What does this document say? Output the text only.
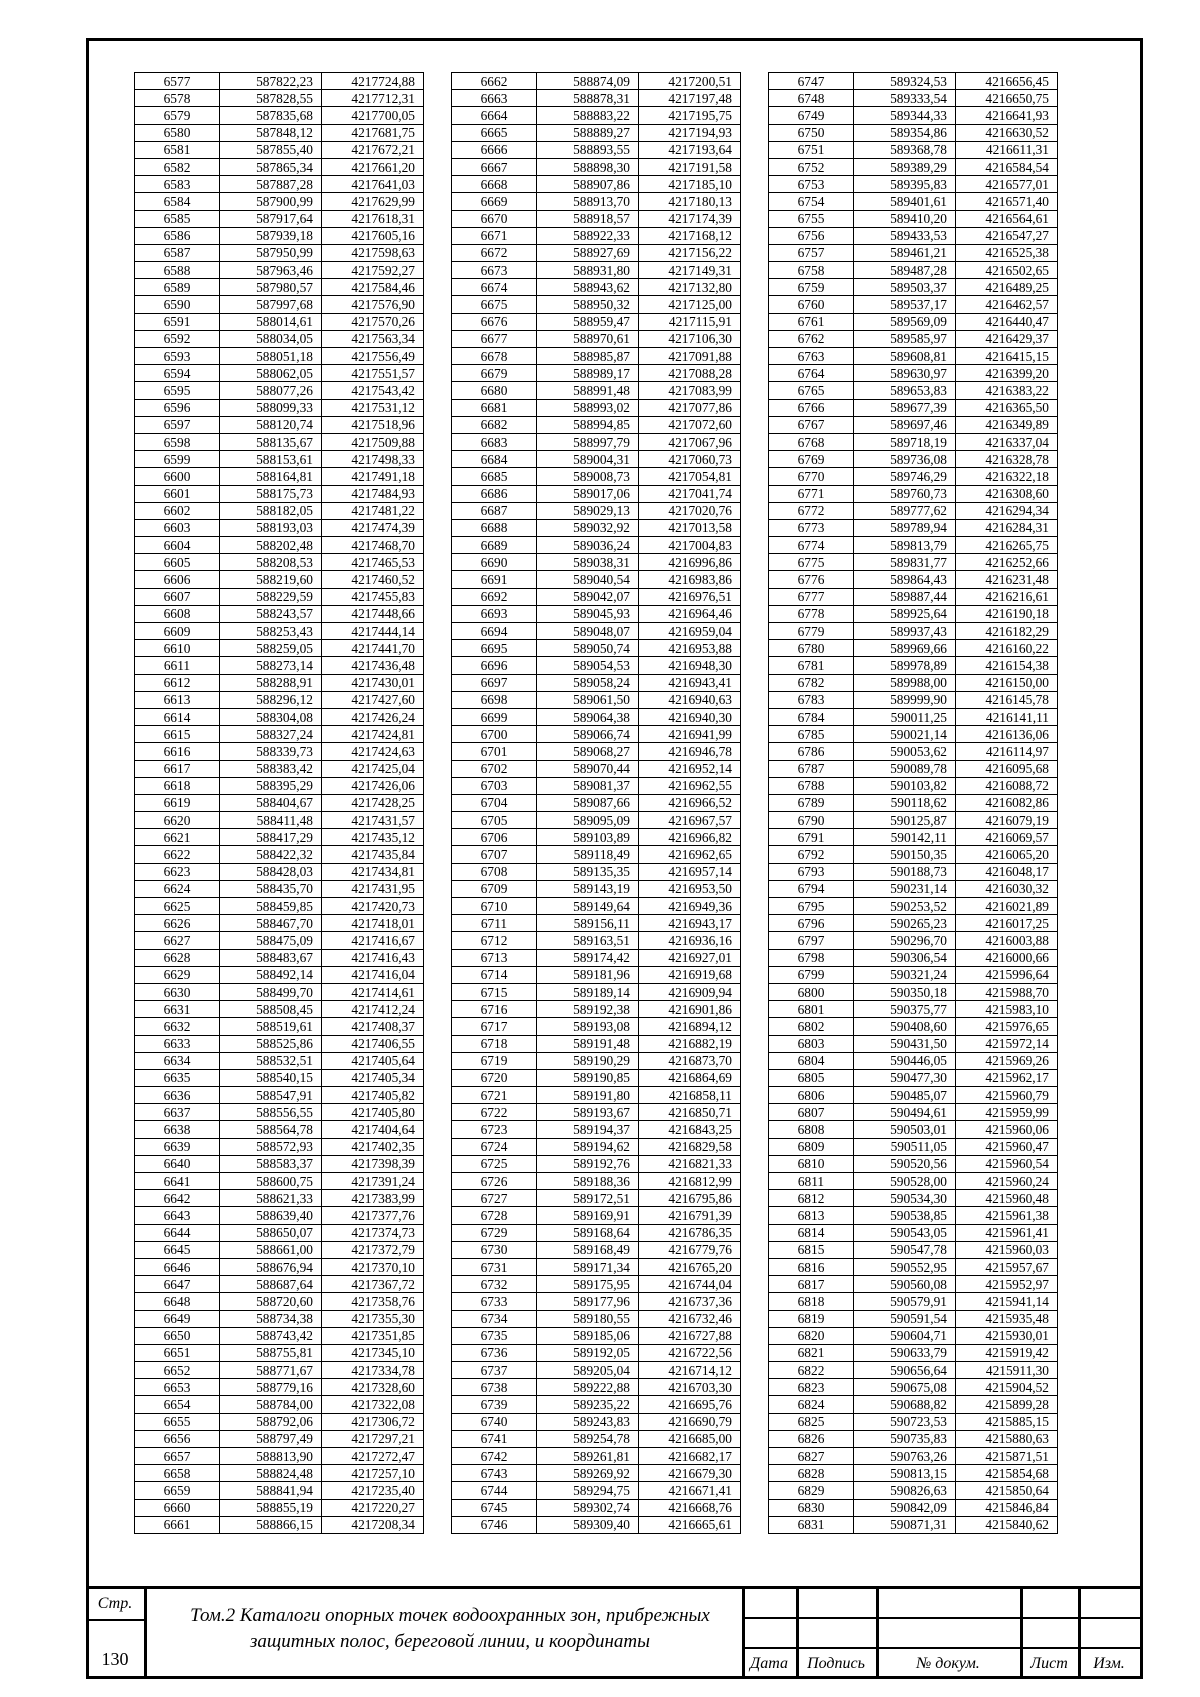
6577	587822,23	4217724,88
6578	587828,55	4217712,31
6579	587835,68	4217700,05
6580	587848,12	4217681,75
6581	587855,40	4217672,21
6582	587865,34	4217661,20
6583	587887,28	4217641,03
6584	587900,99	4217629,99
6585	587917,64	4217618,31
6586	587939,18	4217605,16
6587	587950,99	4217598,63
6588	587963,46	4217592,27
6589	587980,57	4217584,46
6590	587997,68	4217576,90
6591	588014,61	4217570,26
6592	588034,05	4217563,34
6593	588051,18	4217556,49
6594	588062,05	4217551,57
6595	588077,26	4217543,42
6596	588099,33	4217531,12
6597	588120,74	4217518,96
6598	588135,67	4217509,88
6599	588153,61	4217498,33
6600	588164,81	4217491,18
6601	588175,73	4217484,93
6602	588182,05	4217481,22
6603	588193,03	4217474,39
6604	588202,48	4217468,70
6605	588208,53	4217465,53
6606	588219,60	4217460,52
6607	588229,59	4217455,83
6608	588243,57	4217448,66
6609	588253,43	4217444,14
6610	588259,05	4217441,70
6611	588273,14	4217436,48
6612	588288,91	4217430,01
6613	588296,12	4217427,60
6614	588304,08	4217426,24
6615	588327,24	4217424,81
6616	588339,73	4217424,63
6617	588383,42	4217425,04
6618	588395,29	4217426,06
6619	588404,67	4217428,25
6620	588411,48	4217431,57
6621	588417,29	4217435,12
6622	588422,32	4217435,84
6623	588428,03	4217434,81
6624	588435,70	4217431,95
6625	588459,85	4217420,73
6626	588467,70	4217418,01
6627	588475,09	4217416,67
6628	588483,67	4217416,43
6629	588492,14	4217416,04
6630	588499,70	4217414,61
6631	588508,45	4217412,24
6632	588519,61	4217408,37
6633	588525,86	4217406,55
6634	588532,51	4217405,64
6635	588540,15	4217405,34
6636	588547,91	4217405,82
6637	588556,55	4217405,80
6638	588564,78	4217404,64
6639	588572,93	4217402,35
6640	588583,37	4217398,39
6641	588600,75	4217391,24
6642	588621,33	4217383,99
6643	588639,40	4217377,76
6644	588650,07	4217374,73
6645	588661,00	4217372,79
6646	588676,94	4217370,10
6647	588687,64	4217367,72
6648	588720,60	4217358,76
6649	588734,38	4217355,30
6650	588743,42	4217351,85
6651	588755,81	4217345,10
6652	588771,67	4217334,78
6653	588779,16	4217328,60
6654	588784,00	4217322,08
6655	588792,06	4217306,72
6656	588797,49	4217297,21
6657	588813,90	4217272,47
6658	588824,48	4217257,10
6659	588841,94	4217235,40
6660	588855,19	4217220,27
6661	588866,15	4217208,34
6662	588874,09	4217200,51
6663	588878,31	4217197,48
6664	588883,22	4217195,75
6665	588889,27	4217194,93
6666	588893,55	4217193,64
6667	588898,30	4217191,58
6668	588907,86	4217185,10
6669	588913,70	4217180,13
6670	588918,57	4217174,39
6671	588922,33	4217168,12
6672	588927,69	4217156,22
6673	588931,80	4217149,31
6674	588943,62	4217132,80
6675	588950,32	4217125,00
6676	588959,47	4217115,91
6677	588970,61	4217106,30
6678	588985,87	4217091,88
6679	588989,17	4217088,28
6680	588991,48	4217083,99
6681	588993,02	4217077,86
6682	588994,85	4217072,60
6683	588997,79	4217067,96
6684	589004,31	4217060,73
6685	589008,73	4217054,81
6686	589017,06	4217041,74
6687	589029,13	4217020,76
6688	589032,92	4217013,58
6689	589036,24	4217004,83
6690	589038,31	4216996,86
6691	589040,54	4216983,86
6692	589042,07	4216976,51
6693	589045,93	4216964,46
6694	589048,07	4216959,04
6695	589050,74	4216953,88
6696	589054,53	4216948,30
6697	589058,24	4216943,41
6698	589061,50	4216940,63
6699	589064,38	4216940,30
6700	589066,74	4216941,99
6701	589068,27	4216946,78
6702	589070,44	4216952,14
6703	589081,37	4216962,55
6704	589087,66	4216966,52
6705	589095,09	4216967,57
6706	589103,89	4216966,82
6707	589118,49	4216962,65
6708	589135,35	4216957,14
6709	589143,19	4216953,50
6710	589149,64	4216949,36
6711	589156,11	4216943,17
6712	589163,51	4216936,16
6713	589174,42	4216927,01
6714	589181,96	4216919,68
6715	589189,14	4216909,94
6716	589192,38	4216901,86
6717	589193,08	4216894,12
6718	589191,48	4216882,19
6719	589190,29	4216873,70
6720	589190,85	4216864,69
6721	589191,80	4216858,11
6722	589193,67	4216850,71
6723	589194,37	4216843,25
6724	589194,62	4216829,58
6725	589192,76	4216821,33
6726	589188,36	4216812,99
6727	589172,51	4216795,86
6728	589169,91	4216791,39
6729	589168,64	4216786,35
6730	589168,49	4216779,76
6731	589171,34	4216765,20
6732	589175,95	4216744,04
6733	589177,96	4216737,36
6734	589180,55	4216732,46
6735	589185,06	4216727,88
6736	589192,05	4216722,56
6737	589205,04	4216714,12
6738	589222,88	4216703,30
6739	589235,22	4216695,76
6740	589243,83	4216690,79
6741	589254,78	4216685,00
6742	589261,81	4216682,17
6743	589269,92	4216679,30
6744	589294,75	4216671,41
6745	589302,74	4216668,76
6746	589309,40	4216665,61
6747	589324,53	4216656,45
6748	589333,54	4216650,75
6749	589344,33	4216641,93
6750	589354,86	4216630,52
6751	589368,78	4216611,31
6752	589389,29	4216584,54
6753	589395,83	4216577,01
6754	589401,61	4216571,40
6755	589410,20	4216564,61
6756	589433,53	4216547,27
6757	589461,21	4216525,38
6758	589487,28	4216502,65
6759	589503,37	4216489,25
6760	589537,17	4216462,57
6761	589569,09	4216440,47
6762	589585,97	4216429,37
6763	589608,81	4216415,15
6764	589630,97	4216399,20
6765	589653,83	4216383,22
6766	589677,39	4216365,50
6767	589697,46	4216349,89
6768	589718,19	4216337,04
6769	589736,08	4216328,78
6770	589746,29	4216322,18
6771	589760,73	4216308,60
6772	589777,62	4216294,34
6773	589789,94	4216284,31
6774	589813,79	4216265,75
6775	589831,77	4216252,66
6776	589864,43	4216231,48
6777	589887,44	4216216,61
6778	589925,64	4216190,18
6779	589937,43	4216182,29
6780	589969,66	4216160,22
6781	589978,89	4216154,38
6782	589988,00	4216150,00
6783	589999,90	4216145,78
6784	590011,25	4216141,11
6785	590021,14	4216136,06
6786	590053,62	4216114,97
6787	590089,78	4216095,68
6788	590103,82	4216088,72
6789	590118,62	4216082,86
6790	590125,87	4216079,19
6791	590142,11	4216069,57
6792	590150,35	4216065,20
6793	590188,73	4216048,17
6794	590231,14	4216030,32
6795	590253,52	4216021,89
6796	590265,23	4216017,25
6797	590296,70	4216003,88
6798	590306,54	4216000,66
6799	590321,24	4215996,64
6800	590350,18	4215988,70
6801	590375,77	4215983,10
6802	590408,60	4215976,65
6803	590431,50	4215972,14
6804	590446,05	4215969,26
6805	590477,30	4215962,17
6806	590485,07	4215960,79
6807	590494,61	4215959,99
6808	590503,01	4215960,06
6809	590511,05	4215960,47
6810	590520,56	4215960,54
6811	590528,00	4215960,24
6812	590534,30	4215960,48
6813	590538,85	4215961,38
6814	590543,05	4215961,41
6815	590547,78	4215960,03
6816	590552,95	4215957,67
6817	590560,08	4215952,97
6818	590579,91	4215941,14
6819	590591,54	4215935,48
6820	590604,71	4215930,01
6821	590633,79	4215919,42
6822	590656,64	4215911,30
6823	590675,08	4215904,52
6824	590688,82	4215899,28
6825	590723,53	4215885,15
6826	590735,83	4215880,63
6827	590763,26	4215871,51
6828	590813,15	4215854,68
6829	590826,63	4215850,64
6830	590842,09	4215846,84
6831	590871,31	4215840,62
Стр.
130
Том.2 Каталоги опорных точек водоохранных зон, прибрежных
защитных полос, береговой линии, и координаты
Дата	Подпись	№ докум.	Лист	Изм.
